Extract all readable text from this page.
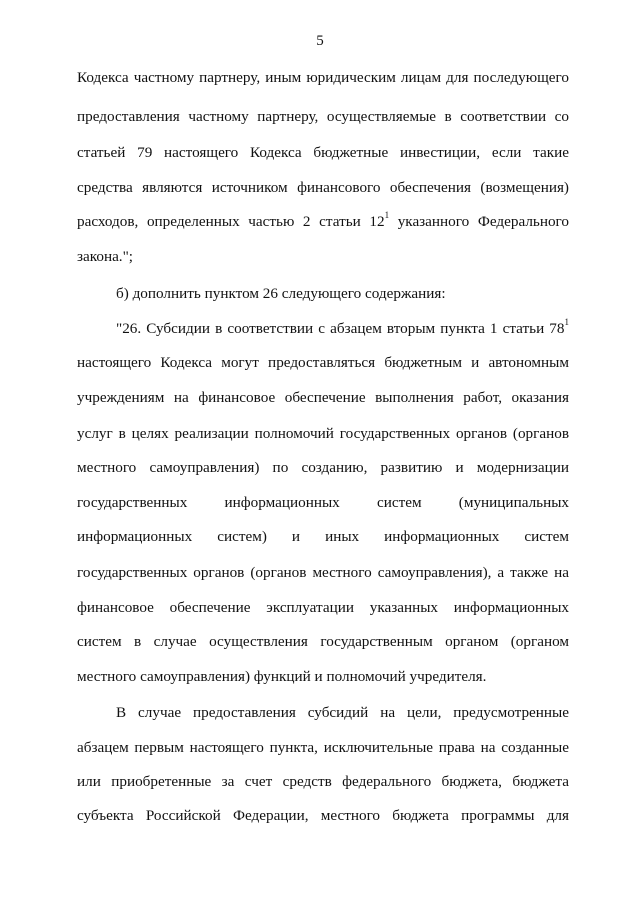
5
Кодекса частному партнеру, иным юридическим лицам для последующего
предоставления частному партнеру, осуществляемые в соответствии со
статьей 79 настоящего Кодекса бюджетные инвестиции, если такие
средства являются источником финансового обеспечения (возмещения)
расходов, определенных частью 2 статьи $12^1$ указанного Федерального
закона.";
б) дополнить пунктом 26 следующего содержания:
"26. Субсидии в соответствии с абзацем вторым пункта 1 статьи $78^1$
настоящего Кодекса могут предоставляться бюджетным и автономным
учреждениям на финансовое обеспечение выполнения работ, оказания
услуг в целях реализации полномочий государственных органов (органов
местного самоуправления) по созданию, развитию и модернизации
государственных информационных систем (муниципальных
информационных систем) и иных информационных систем
государственных органов (органов местного самоуправления), а также на
финансовое обеспечение эксплуатации указанных информационных
систем в случае осуществления государственным органом (органом
местного самоуправления) функций и полномочий учредителя.
В случае предоставления субсидий на цели, предусмотренные
абзацем первым настоящего пункта, исключительные права на созданные
или приобретенные за счет средств федерального бюджета, бюджета
субъекта Российской Федерации, местного бюджета программы для
